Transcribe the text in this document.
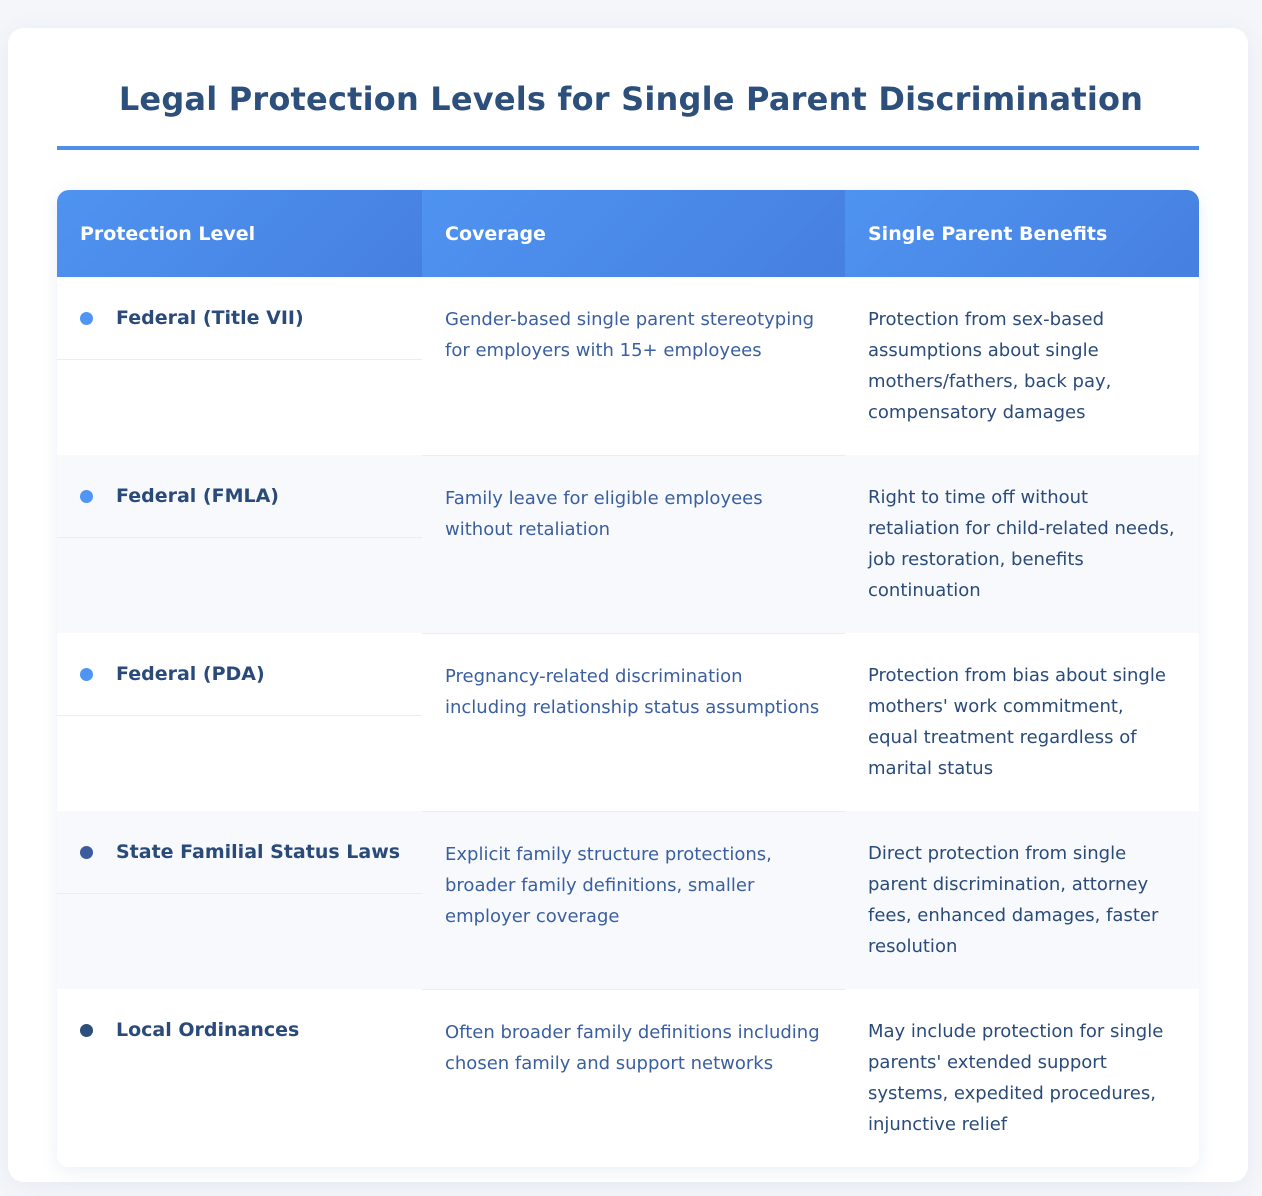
Legal Protection Levels for Single Parent Discrimination
Protection Level	Coverage	Single Parent Benefits

Federal (Title VII)	Gender-based single parent stereotyping for employers with 15+ employees	Protection from sex-based assumptions about single mothers/fathers, back pay, compensatory damages

Federal (FMLA)	Family leave for eligible employees without retaliation	Right to time off without retaliation for child-related needs, job restoration, benefits continuation

Federal (PDA)	Pregnancy-related discrimination including relationship status assumptions	Protection from bias about single mothers' work commitment, equal treatment regardless of marital status

State Familial Status Laws	Explicit family structure protections, broader family definitions, smaller employer coverage	Direct protection from single parent discrimination, attorney fees, enhanced damages, faster resolution

Local Ordinances	Often broader family definitions including chosen family and support networks	May include protection for single parents' extended support systems, expedited procedures, injunctive relief
